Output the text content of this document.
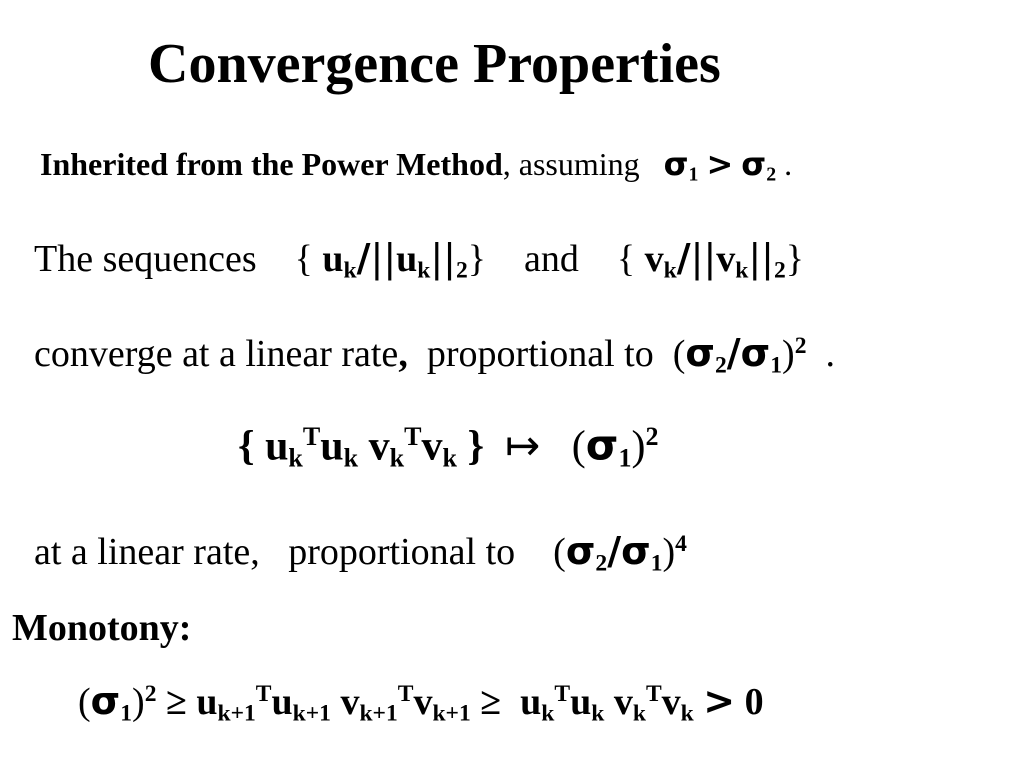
Convergence Properties
Inherited from the Power Method, assuming $\sigma_1 > \sigma_2$ .
The sequences { $u_k/||u_k||_2$} and { $v_k/||v_k||_2$}
converge at a linear rate, proportional to $(\sigma_2/\sigma_1)^2$ .
{ $u_k^Tu_k$ $v_k^Tv_k$ } ↦ $(\sigma_1)^2$
at a linear rate, proportional to $(\sigma_2/\sigma_1)^4$
Monotony:
$(\sigma_1)^2 \ge u_{k+1}^Tu_{k+1}$ $v_{k+1}^Tv_{k+1} \ge u_k^Tu_k$ $v_k^Tv_k > 0$
